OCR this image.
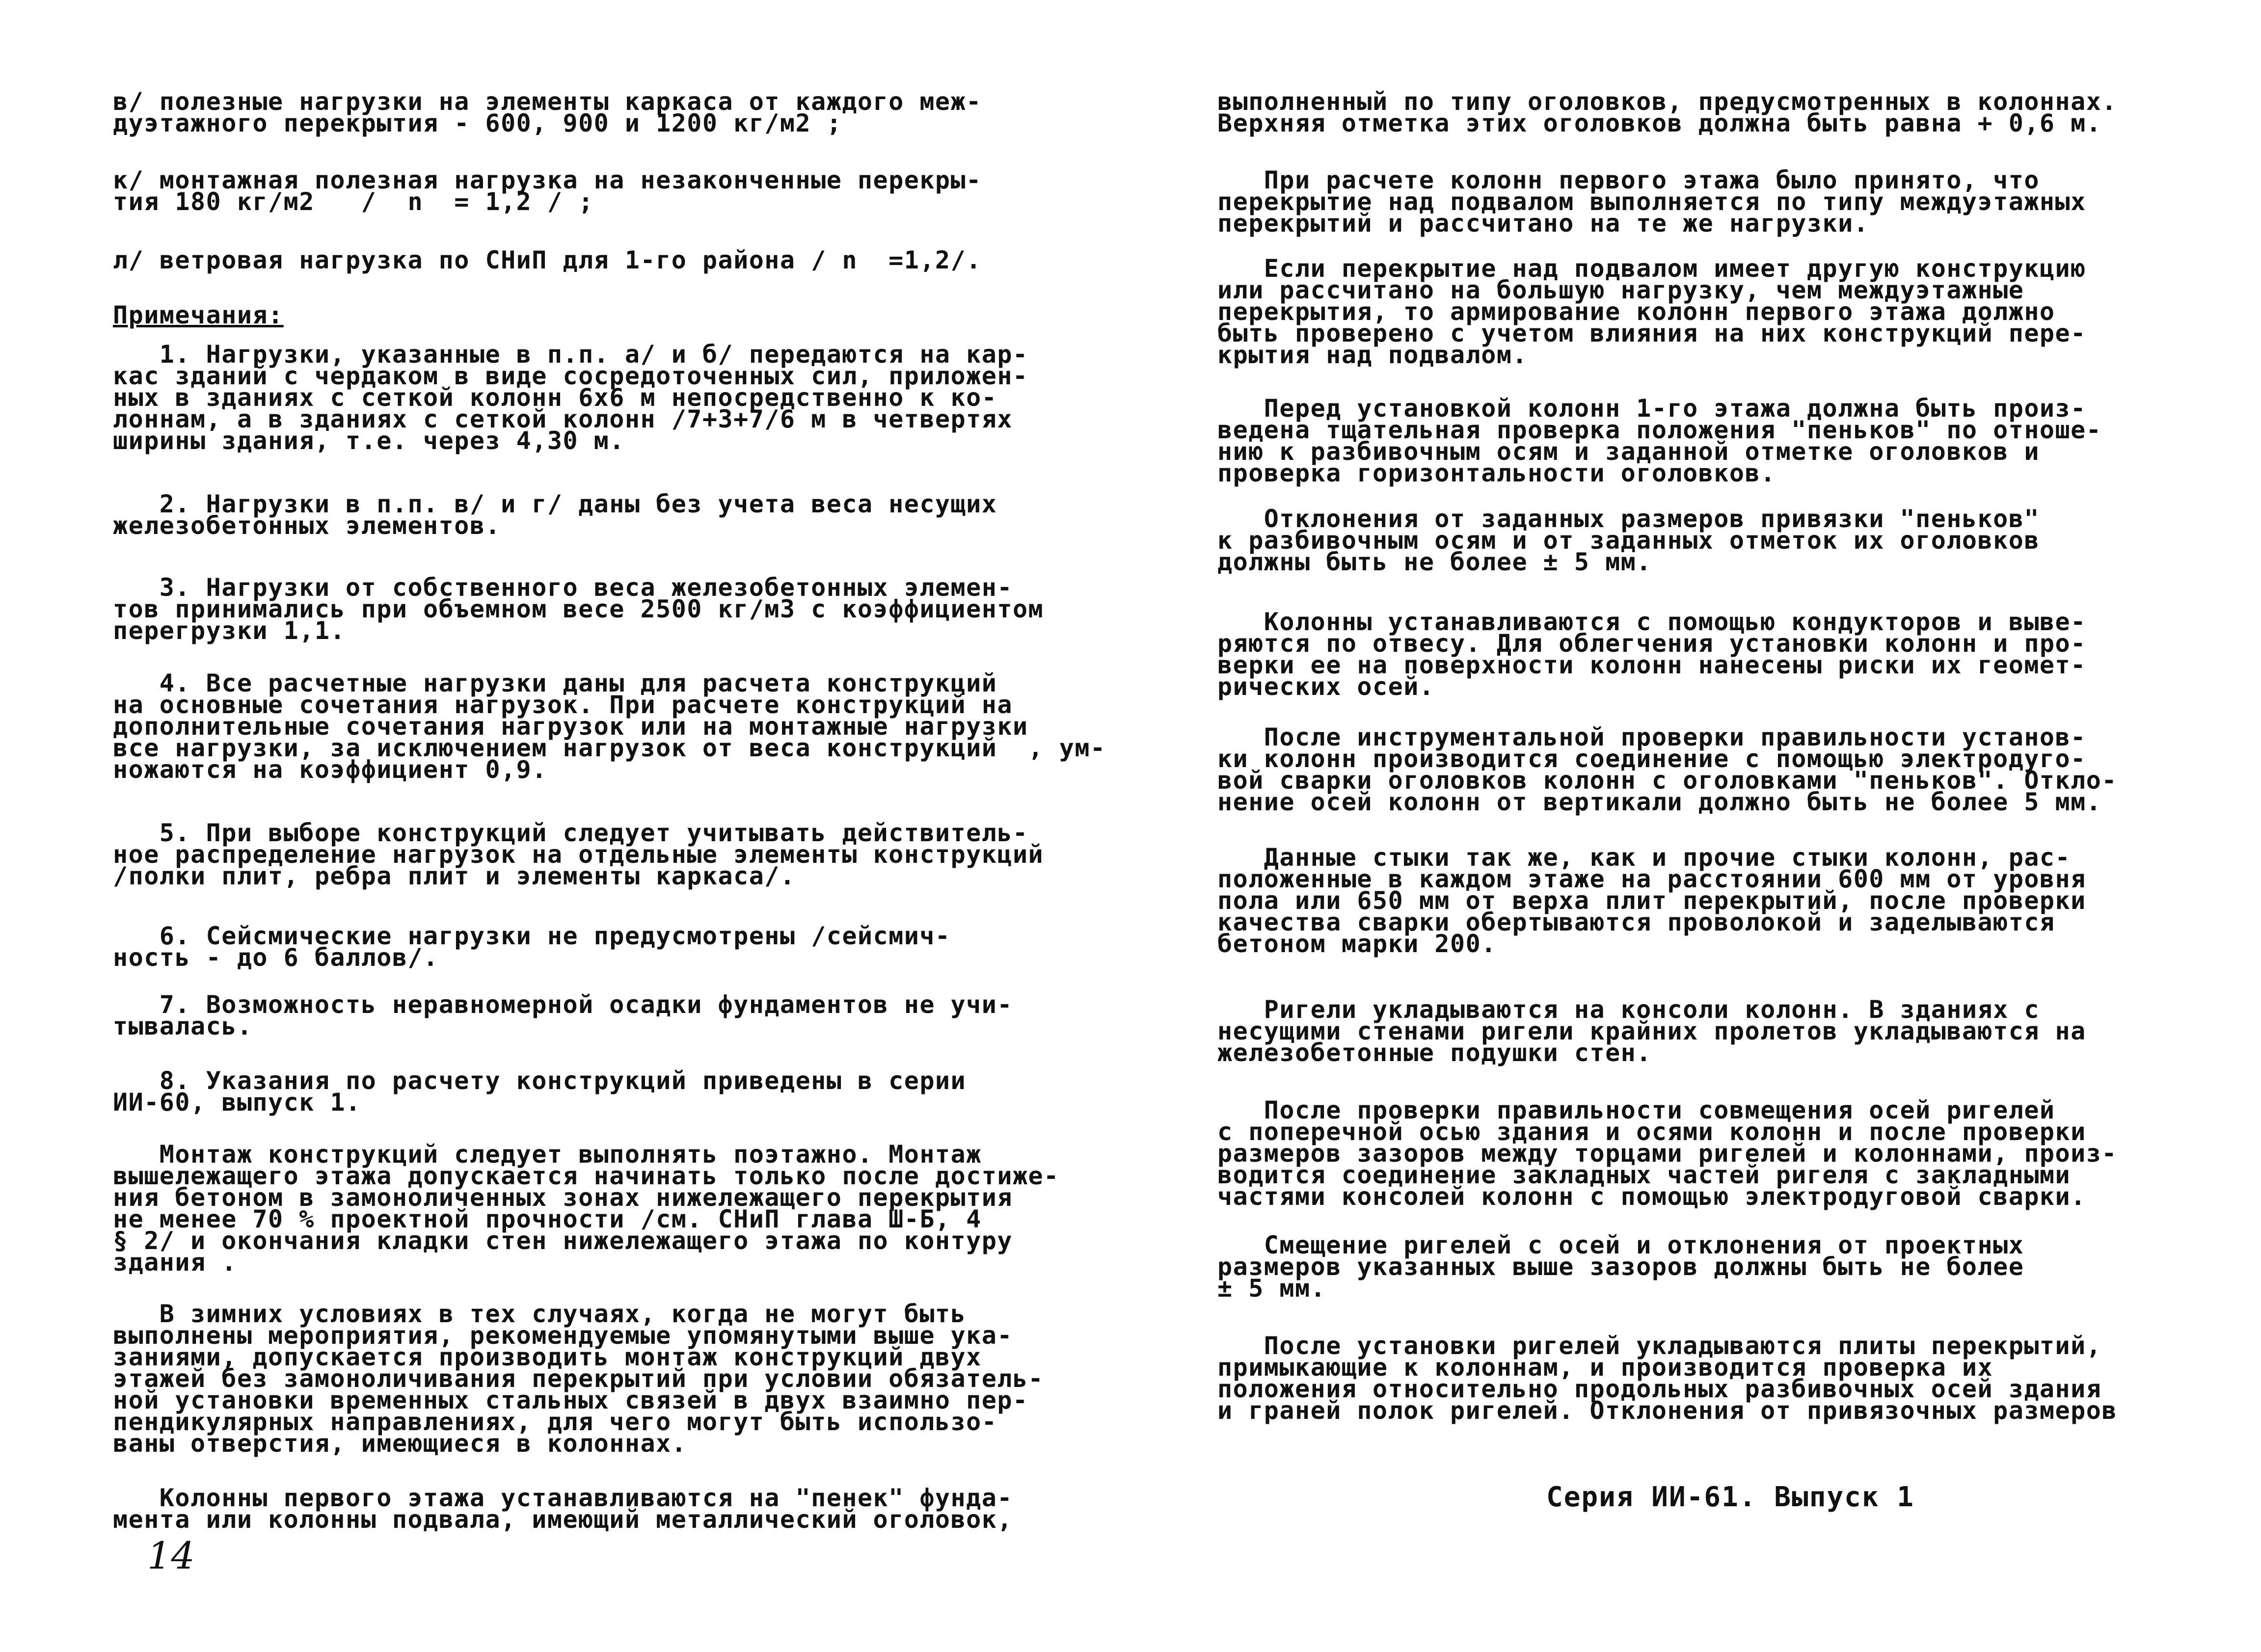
в/ полезные нагрузки на элементы каркаса от каждого меж-
дуэтажного перекрытия - 600, 900 и 1200 кг/м2 ;

к/ монтажная полезная нагрузка на незаконченные перекры-
тия 180 кг/м2   /  n  = 1,2 / ;

л/ ветровая нагрузка по СНиП для 1-го района / n  =1,2/.

Примечания:

1. Нагрузки, указанные в п.п. а/ и б/ передаются на кар-
кас зданий с чердаком в виде сосредоточенных сил, приложен-
ных в зданиях с сеткой колонн 6х6 м непосредственно к ко-
лоннам, а в зданиях с сеткой колонн /7+3+7/6 м в четвертях
ширины здания, т.е. через 4,30 м.

2. Нагрузки в п.п. в/ и г/ даны без учета веса несущих
железобетонных элементов.

3. Нагрузки от собственного веса железобетонных элемен-
тов принимались при объемном весе 2500 кг/м3 с коэффициентом
перегрузки 1,1.

4. Все расчетные нагрузки даны для расчета конструкций
на основные сочетания нагрузок. При расчете конструкций на
дополнительные сочетания нагрузок или на монтажные нагрузки
все нагрузки, за исключением нагрузок от веса конструкций  , ум-
ножаются на коэффициент 0,9.

5. При выборе конструкций следует учитывать действитель-
ное распределение нагрузок на отдельные элементы конструкций
/полки плит, ребра плит и элементы каркаса/.

6. Сейсмические нагрузки не предусмотрены /сейсмич-
ность - до 6 баллов/.

7. Возможность неравномерной осадки фундаментов не учи-
тывалась.

8. Указания по расчету конструкций приведены в серии
ИИ-60, выпуск 1.

Монтаж конструкций следует выполнять поэтажно. Монтаж
вышележащего этажа допускается начинать только после достиже-
ния бетоном в замоноличенных зонах нижележащего перекрытия
не менее 70 % проектной прочности /см. СНиП глава Ш-Б, 4
§ 2/ и окончания кладки стен нижележащего этажа по контуру
здания .

В зимних условиях в тех случаях, когда не могут быть
выполнены мероприятия, рекомендуемые упомянутыми выше ука-
заниями, допускается производить монтаж конструкций двух
этажей без замоноличивания перекрытий при условии обязатель-
ной установки временных стальных связей в двух взаимно пер-
пендикулярных направлениях, для чего могут быть использо-
ваны отверстия, имеющиеся в колоннах.

Колонны первого этажа устанавливаются на "пенек" фунда-
мента или колонны подвала, имеющий металлический оголовок,

14

выполненный по типу оголовков, предусмотренных в колоннах.
Верхняя отметка этих оголовков должна быть равна + 0,6 м.

При расчете колонн первого этажа было принято, что
перекрытие над подвалом выполняется по типу междуэтажных
перекрытий и рассчитано на те же нагрузки.

Если перекрытие над подвалом имеет другую конструкцию
или рассчитано на большую нагрузку, чем междуэтажные
перекрытия, то армирование колонн первого этажа должно
быть проверено с учетом влияния на них конструкций пере-
крытия над подвалом.

Перед установкой колонн 1-го этажа должна быть произ-
ведена тщательная проверка положения "пеньков" по отноше-
нию к разбивочным осям и заданной отметке оголовков и
проверка горизонтальности оголовков.

Отклонения от заданных размеров привязки "пеньков"
к разбивочным осям и от заданных отметок их оголовков
должны быть не более ± 5 мм.

Колонны устанавливаются с помощью кондукторов и выве-
ряются по отвесу. Для облегчения установки колонн и про-
верки ее на поверхности колонн нанесены риски их геомет-
рических осей.

После инструментальной проверки правильности установ-
ки колонн производится соединение с помощью электродуго-
вой сварки оголовков колонн с оголовками "пеньков". Откло-
нение осей колонн от вертикали должно быть не более 5 мм.

Данные стыки так же, как и прочие стыки колонн, рас-
положенные в каждом этаже на расстоянии 600 мм от уровня
пола или 650 мм от верха плит перекрытий, после проверки
качества сварки обертываются проволокой и заделываются
бетоном марки 200.

Ригели укладываются на консоли колонн. В зданиях с
несущими стенами ригели крайних пролетов укладываются на
железобетонные подушки стен.

После проверки правильности совмещения осей ригелей
с поперечной осью здания и осями колонн и после проверки
размеров зазоров между торцами ригелей и колоннами, произ-
водится соединение закладных частей ригеля с закладными
частями консолей колонн с помощью электродуговой сварки.

Смещение ригелей с осей и отклонения от проектных
размеров указанных выше зазоров должны быть не более
± 5 мм.

После установки ригелей укладываются плиты перекрытий,
примыкающие к колоннам, и производится проверка их
положения относительно продольных разбивочных осей здания
и граней полок ригелей. Отклонения от привязочных размеров

Серия ИИ-61. Выпуск 1
